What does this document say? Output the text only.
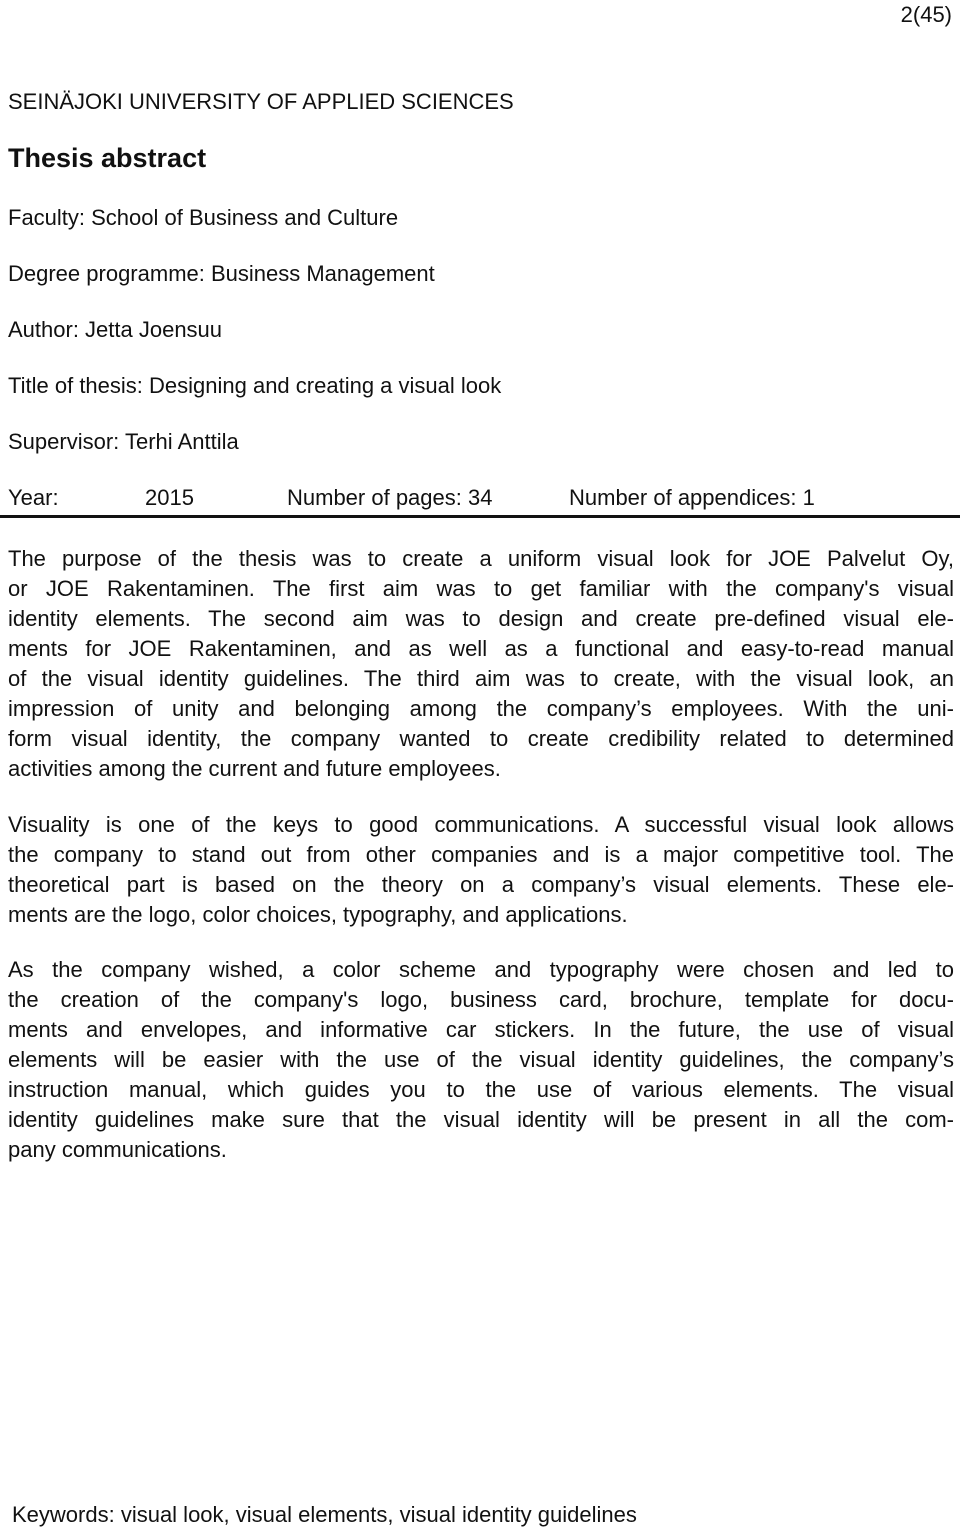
2(45)
SEINÄJOKI UNIVERSITY OF APPLIED SCIENCES
Thesis abstract
Faculty: School of Business and Culture
Degree programme: Business Management
Author: Jetta Joensuu
Title of thesis: Designing and creating a visual look
Supervisor: Terhi Anttila
Year:	2015	Number of pages: 34	Number of appendices: 1
The purpose of the thesis was to create a uniform visual look for JOE Palvelut Oy,
or JOE Rakentaminen. The first aim was to get familiar with the company's visual
identity elements. The second aim was to design and create pre-defined visual ele-
ments for JOE Rakentaminen, and as well as a functional and easy-to-read manual
of the visual identity guidelines. The third aim was to create, with the visual look, an
impression of unity and belonging among the company’s employees. With the uni-
form visual identity, the company wanted to create credibility related to determined
activities among the current and future employees.
Visuality is one of the keys to good communications. A successful visual look allows
the company to stand out from other companies and is a major competitive tool. The
theoretical part is based on the theory on a company’s visual elements. These ele-
ments are the logo, color choices, typography, and applications.
As the company wished, a color scheme and typography were chosen and led to
the creation of the company's logo, business card, brochure, template for docu-
ments and envelopes, and informative car stickers. In the future, the use of visual
elements will be easier with the use of the visual identity guidelines, the company’s
instruction manual, which guides you to the use of various elements. The visual
identity guidelines make sure that the visual identity will be present in all the com-
pany communications.
Keywords: visual look, visual elements, visual identity guidelines
